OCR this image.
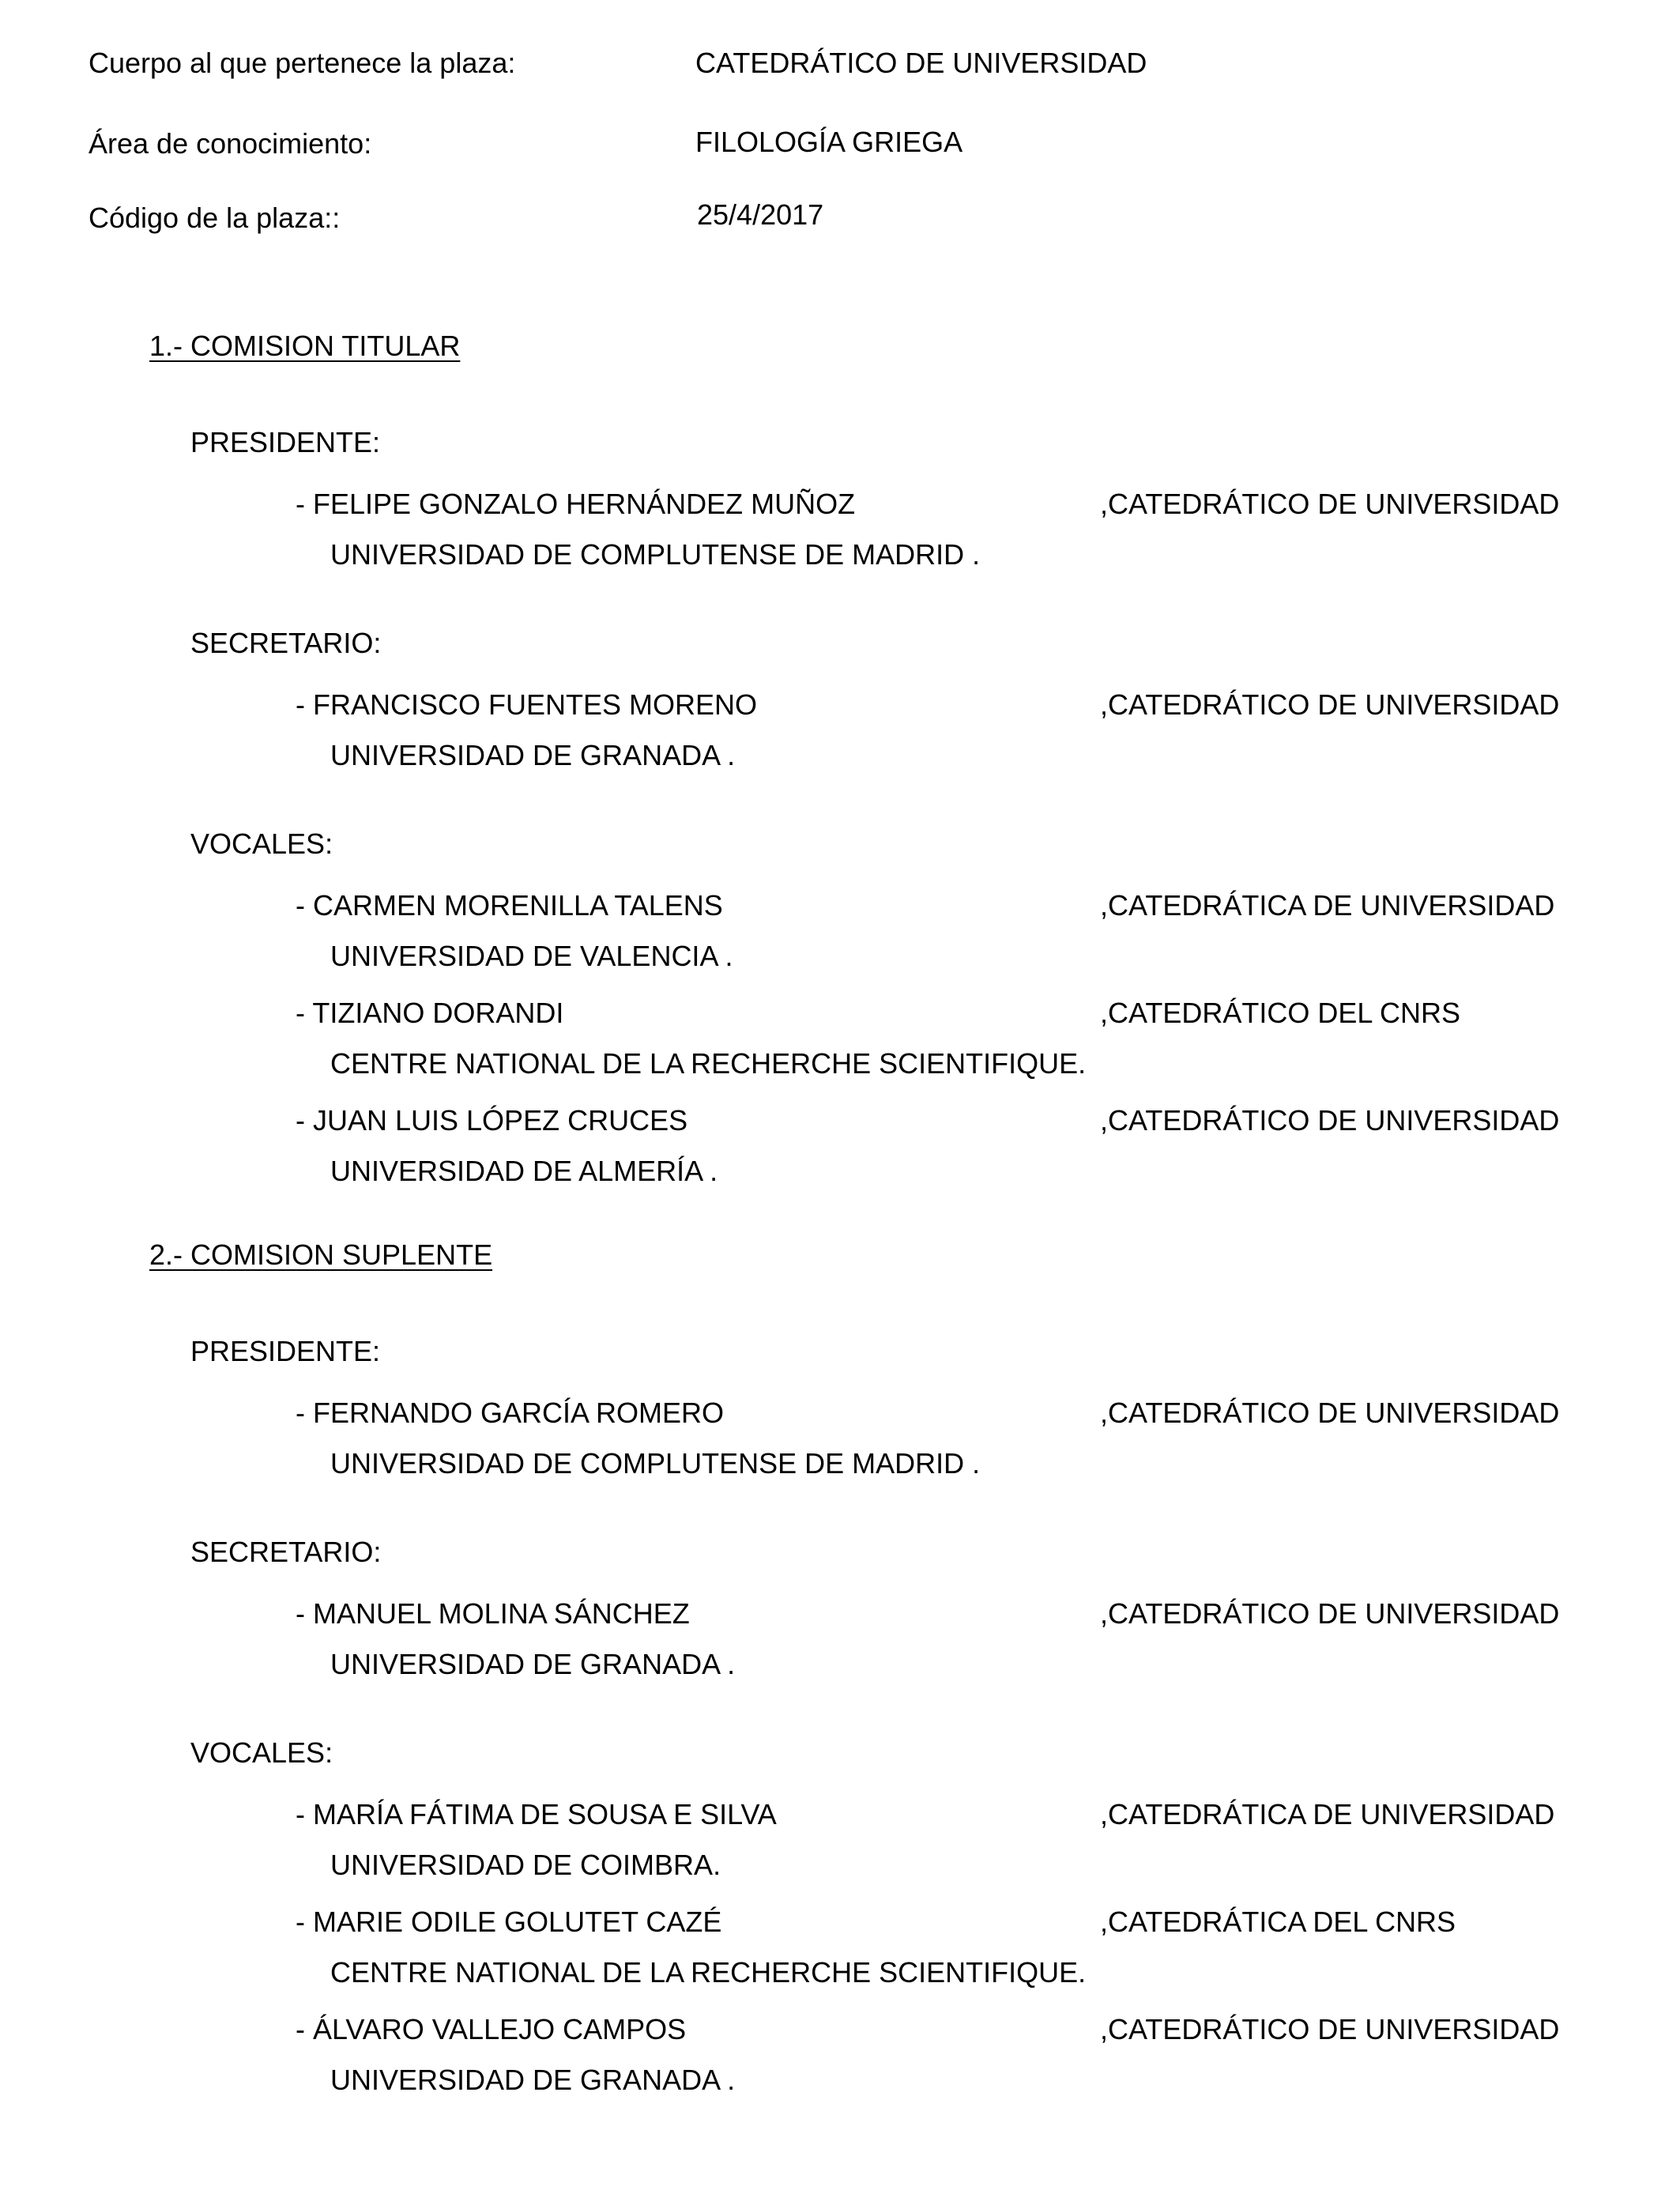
Cuerpo al que pertenece la plaza:	CATEDRÁTICO DE UNIVERSIDAD
Área de conocimiento:	FILOLOGÍA GRIEGA
Código de la plaza::	25/4/2017
1.- COMISION TITULAR
PRESIDENTE:
- FELIPE GONZALO HERNÁNDEZ MUÑOZ	,CATEDRÁTICO DE UNIVERSIDAD
UNIVERSIDAD DE COMPLUTENSE DE MADRID .
SECRETARIO:
- FRANCISCO FUENTES MORENO	,CATEDRÁTICO DE UNIVERSIDAD
UNIVERSIDAD DE GRANADA .
VOCALES:
- CARMEN MORENILLA TALENS	,CATEDRÁTICA DE UNIVERSIDAD
UNIVERSIDAD DE VALENCIA .
- TIZIANO DORANDI	,CATEDRÁTICO DEL CNRS
CENTRE NATIONAL DE LA RECHERCHE SCIENTIFIQUE.
- JUAN LUIS LÓPEZ CRUCES	,CATEDRÁTICO DE UNIVERSIDAD
UNIVERSIDAD DE ALMERÍA .
2.- COMISION SUPLENTE
PRESIDENTE:
- FERNANDO GARCÍA ROMERO	,CATEDRÁTICO DE UNIVERSIDAD
UNIVERSIDAD DE COMPLUTENSE DE MADRID .
SECRETARIO:
- MANUEL MOLINA SÁNCHEZ	,CATEDRÁTICO DE UNIVERSIDAD
UNIVERSIDAD DE GRANADA .
VOCALES:
- MARÍA FÁTIMA DE SOUSA E SILVA	,CATEDRÁTICA DE UNIVERSIDAD
UNIVERSIDAD DE COIMBRA.
- MARIE ODILE GOLUTET CAZÉ	,CATEDRÁTICA DEL CNRS
CENTRE NATIONAL DE LA RECHERCHE SCIENTIFIQUE.
- ÁLVARO VALLEJO CAMPOS	,CATEDRÁTICO DE UNIVERSIDAD
UNIVERSIDAD DE GRANADA .
